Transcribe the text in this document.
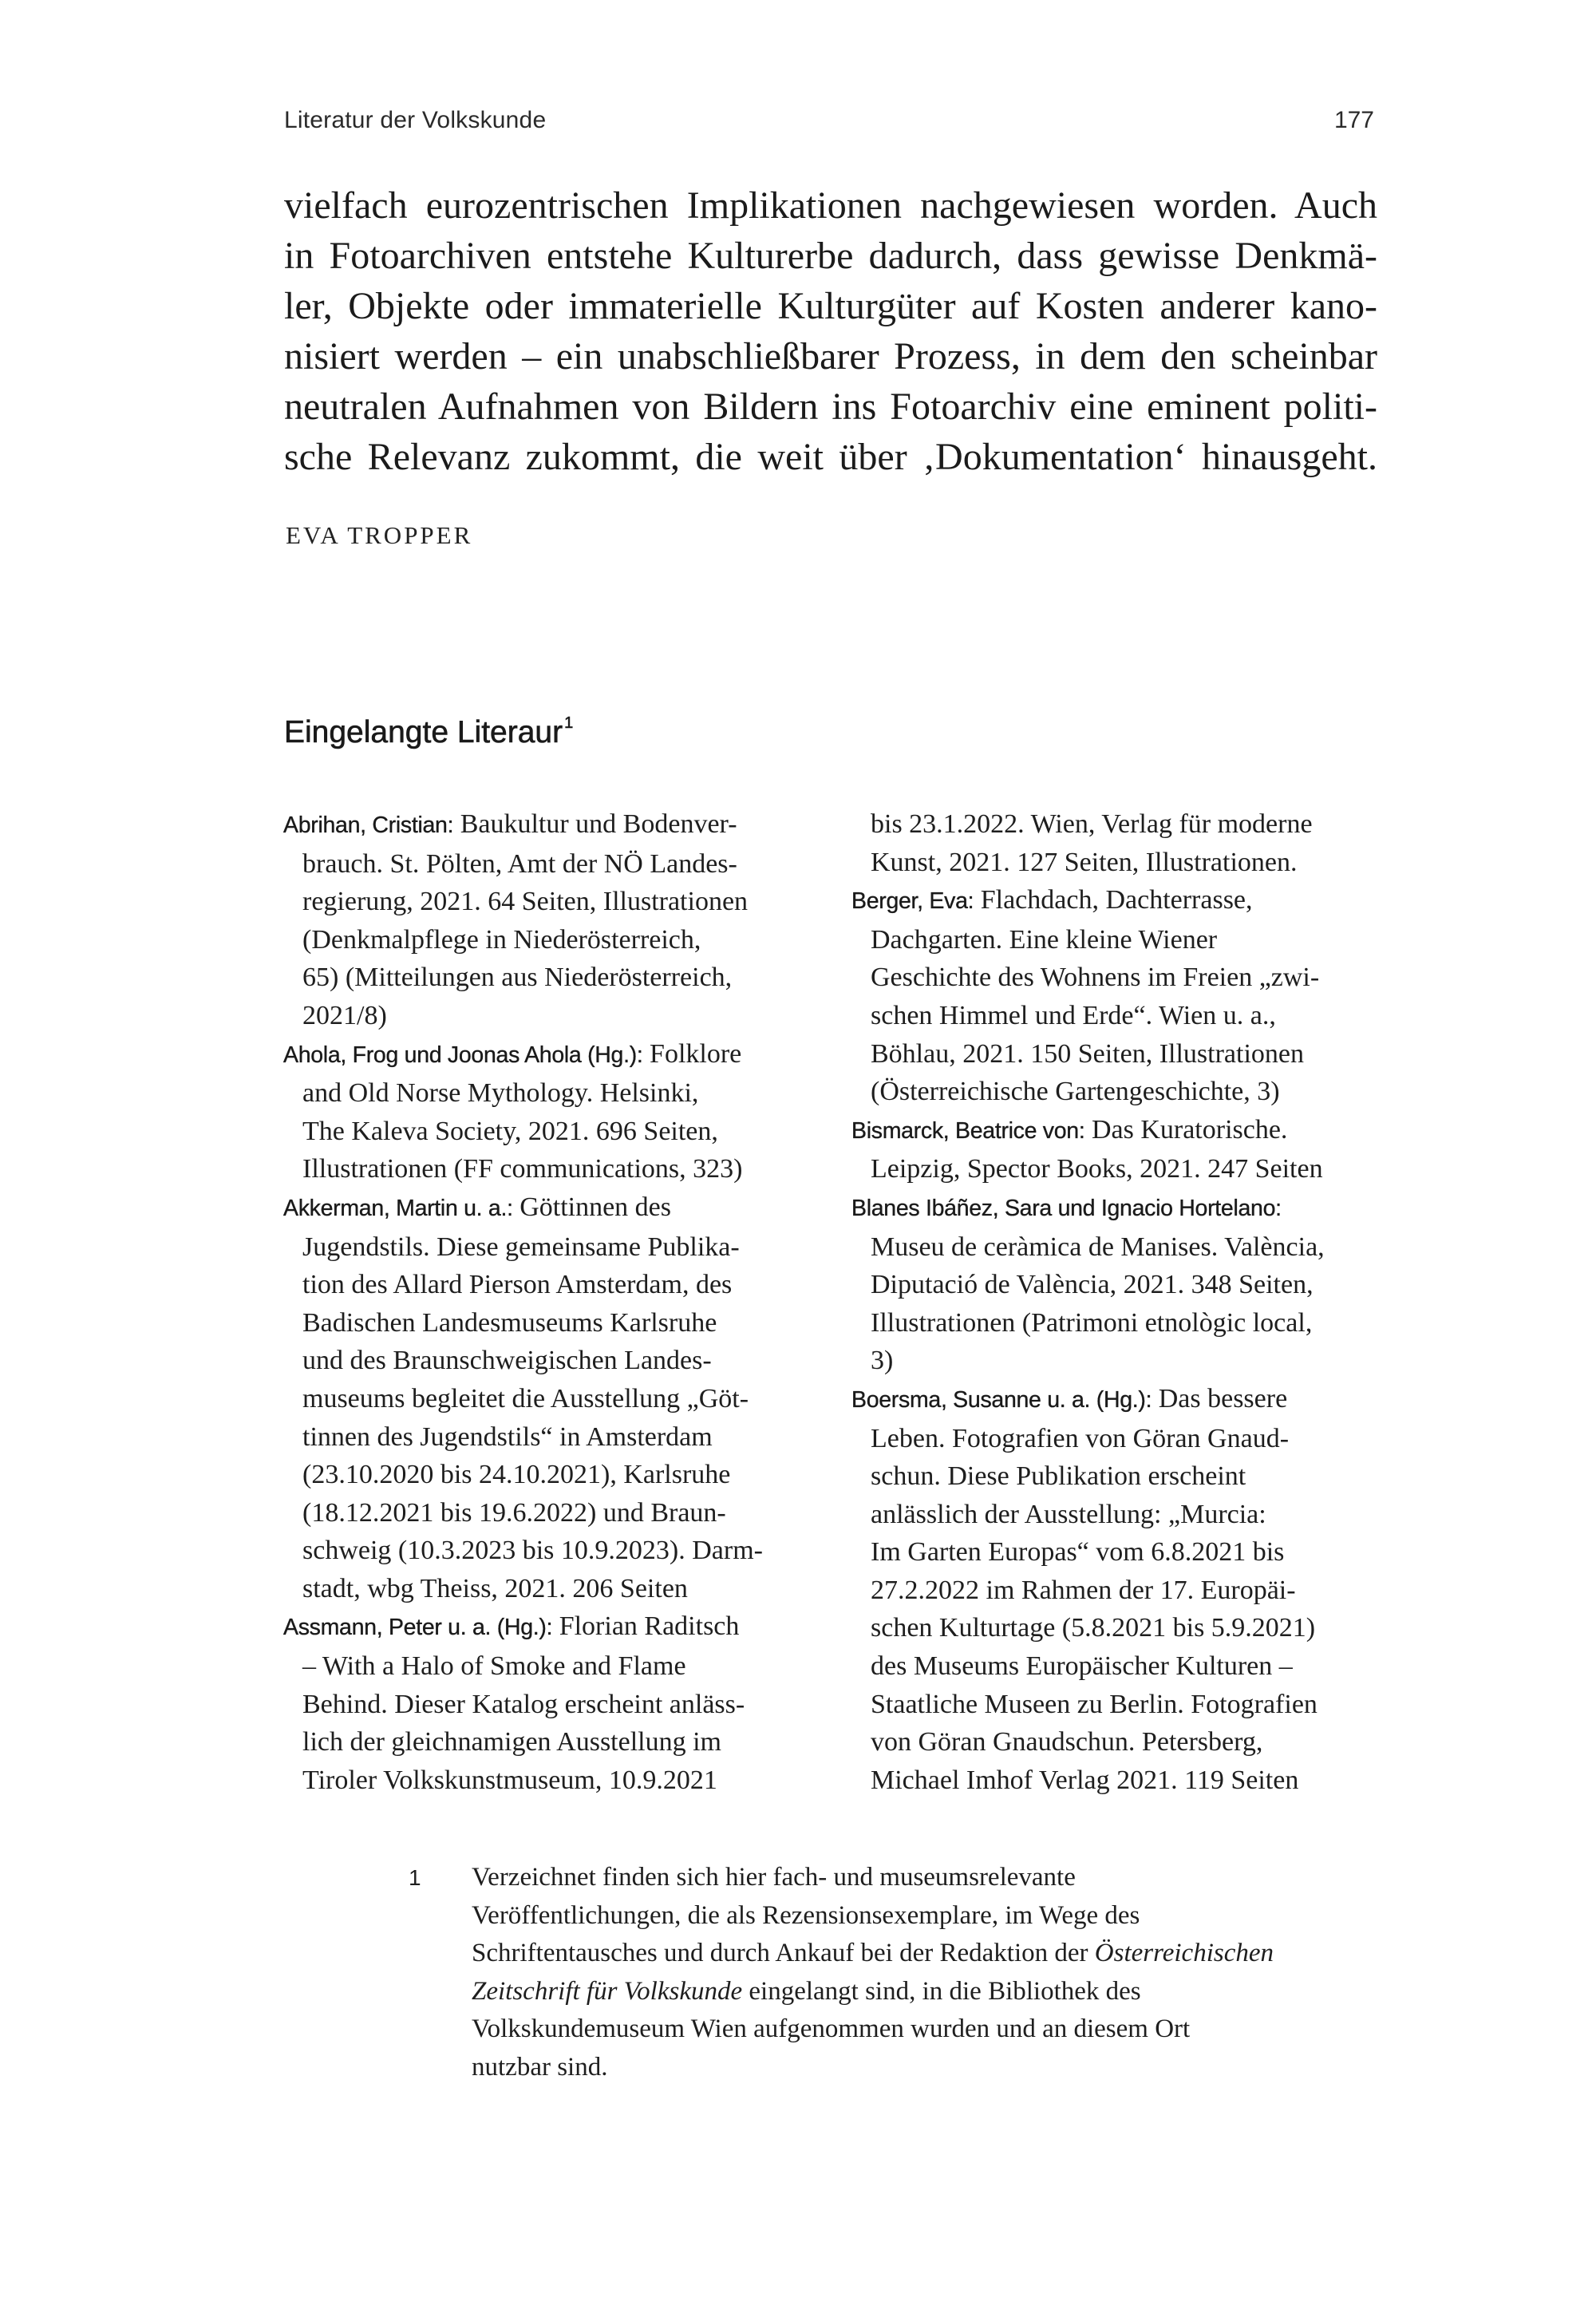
Literatur der Volkskunde	177
vielfach eurozentrischen Implikationen nachgewiesen worden. Auch
in Fotoarchiven entstehe Kulturerbe dadurch, dass gewisse Denkmä-
ler, Objekte oder immaterielle Kulturgüter auf Kosten anderer kano-
nisiert werden – ein unabschließbarer Prozess, in dem den scheinbar
neutralen Aufnahmen von Bildern ins Fotoarchiv eine eminent politi-
sche Relevanz zukommt, die weit über ‚Dokumentation‘ hinausgeht.
EVA TROPPER
Eingelangte Literaur $^1$
Abrihan, Cristian: Baukultur und Bodenver-
brauch. St. Pölten, Amt der NÖ Landes-
regierung, 2021. 64 Seiten, Illustrationen
(Denkmalpflege in Niederösterreich,
65) (Mitteilungen aus Niederösterreich,
2021/8)
Ahola, Frog und Joonas Ahola (Hg.): Folklore
and Old Norse Mythology. Helsinki,
The Kaleva Society, 2021. 696 Seiten,
Illustrationen (FF communications, 323)
Akkerman, Martin u. a.: Göttinnen des
Jugendstils. Diese gemeinsame Publika-
tion des Allard Pierson Amsterdam, des
Badischen Landesmuseums Karlsruhe
und des Braunschweigischen Landes-
museums begleitet die Ausstellung „Göt-
tinnen des Jugendstils“ in Amsterdam
(23.10.2020 bis 24.10.2021), Karlsruhe
(18.12.2021 bis 19.6.2022) und Braun-
schweig (10.3.2023 bis 10.9.2023). Darm-
stadt, wbg Theiss, 2021. 206 Seiten
Assmann, Peter u. a. (Hg.): Florian Raditsch
– With a Halo of Smoke and Flame
Behind. Dieser Katalog erscheint anläss-
lich der gleichnamigen Ausstellung im
Tiroler Volkskunstmuseum, 10.9.2021
bis 23.1.2022. Wien, Verlag für moderne
Kunst, 2021. 127 Seiten, Illustrationen.
Berger, Eva: Flachdach, Dachterrasse,
Dachgarten. Eine kleine Wiener
Geschichte des Wohnens im Freien „zwi-
schen Himmel und Erde“. Wien u. a.,
Böhlau, 2021. 150 Seiten, Illustrationen
(Österreichische Gartengeschichte, 3)
Bismarck, Beatrice von: Das Kuratorische.
Leipzig, Spector Books, 2021. 247 Seiten
Blanes Ibáñez, Sara und Ignacio Hortelano:
Museu de ceràmica de Manises. València,
Diputació de València, 2021. 348 Seiten,
Illustrationen (Patrimoni etnològic local,
3)
Boersma, Susanne u. a. (Hg.): Das bessere
Leben. Fotografien von Göran Gnaud-
schun. Diese Publikation erscheint
anlässlich der Ausstellung: „Murcia:
Im Garten Europas“ vom 6.8.2021 bis
27.2.2022 im Rahmen der 17. Europäi-
schen Kulturtage (5.8.2021 bis 5.9.2021)
des Museums Europäischer Kulturen –
Staatliche Museen zu Berlin. Fotografien
von Göran Gnaudschun. Petersberg,
Michael Imhof Verlag 2021. 119 Seiten
1 Verzeichnet finden sich hier fach- und museumsrelevante
Veröffentlichungen, die als Rezensionsexemplare, im Wege des
Schriftentausches und durch Ankauf bei der Redaktion der Österreichischen
Zeitschrift für Volkskunde eingelangt sind, in die Bibliothek des
Volkskundemuseum Wien aufgenommen wurden und an diesem Ort
nutzbar sind.
